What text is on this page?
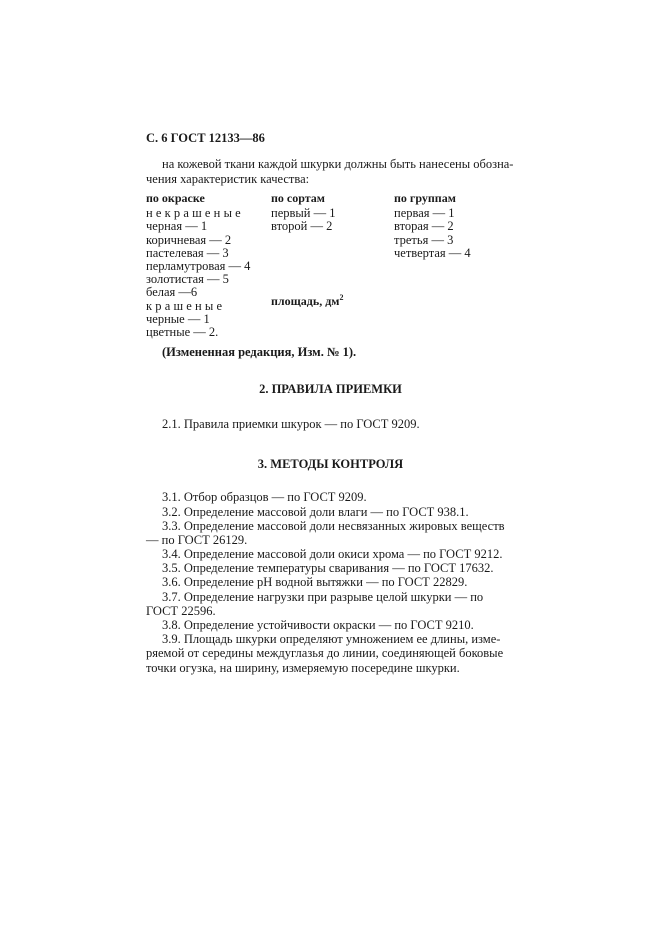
С. 6 ГОСТ 12133—86
на кожевой ткани каждой шкурки должны быть нанесены обозна-
чения характеристик качества:
по окраске
некрашеные
черная — 1
коричневая — 2
пастелевая — 3
перламутровая — 4
золотистая — 5
белая —6
крашеные
черные — 1
цветные — 2.
по сортам
первый — 1
второй — 2
площадь, $дм^2$
по группам
первая — 1
вторая — 2
третья — 3
четвертая — 4
(Измененная редакция, Изм. № 1).
2. ПРАВИЛА ПРИЕМКИ
2.1. Правила приемки шкурок — по ГОСТ 9209.
3. МЕТОДЫ КОНТРОЛЯ
3.1. Отбор образцов — по ГОСТ 9209.
3.2. Определение массовой доли влаги — по ГОСТ 938.1.
3.3. Определение массовой доли несвязанных жировых веществ
— по ГОСТ 26129.
3.4. Определение массовой доли окиси хрома — по ГОСТ 9212.
3.5. Определение температуры сваривания — по ГОСТ 17632.
3.6. Определение рН водной вытяжки — по ГОСТ 22829.
3.7. Определение нагрузки при разрыве целой шкурки — по
ГОСТ 22596.
3.8. Определение устойчивости окраски — по ГОСТ 9210.
3.9. Площадь шкурки определяют умножением ее длины, изме-
ряемой от середины междуглазья до линии, соединяющей боковые
точки огузка, на ширину, измеряемую посередине шкурки.
